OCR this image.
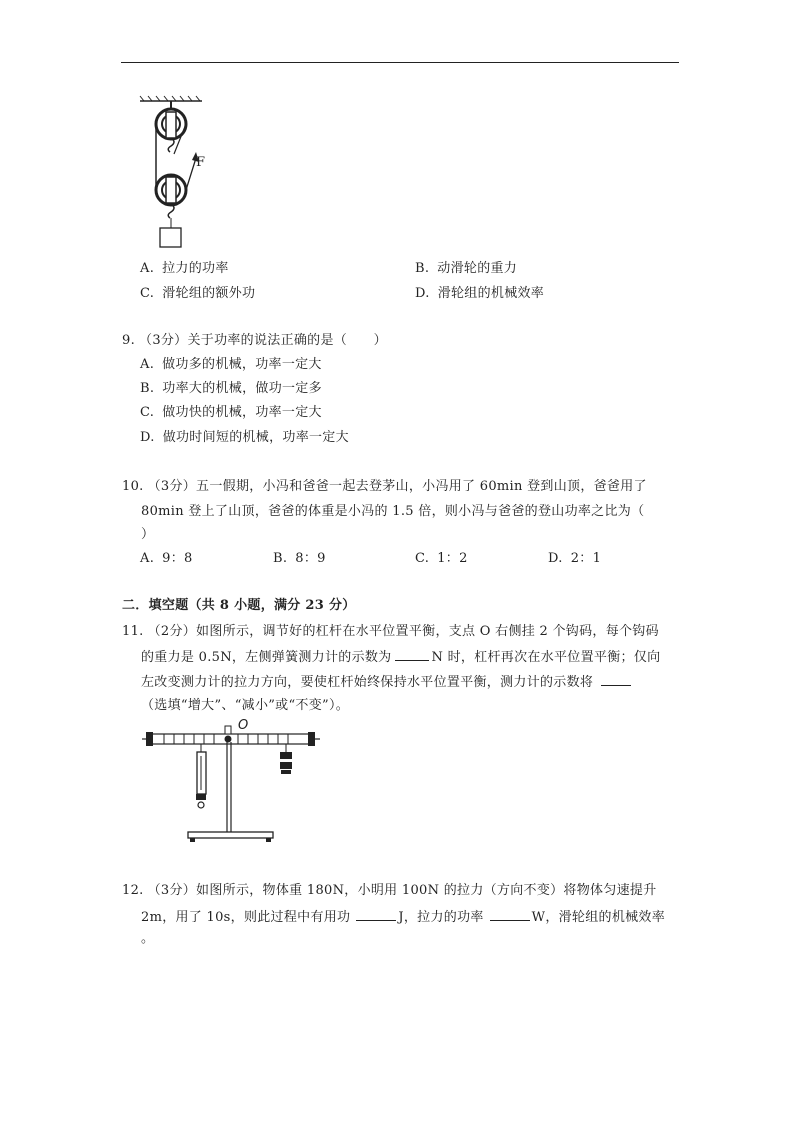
F
A. 拉力的功率	B. 动滑轮的重力
C. 滑轮组的额外功	D. 滑轮组的机械效率
9. （3分）关于功率的说法正确的是（　　）
A. 做功多的机械，功率一定大
B. 功率大的机械，做功一定多
C. 做功快的机械，功率一定大
D. 做功时间短的机械，功率一定大
10. （3分）五一假期，小冯和爸爸一起去登茅山，小冯用了 60min 登到山顶，爸爸用了
80min 登上了山顶，爸爸的体重是小冯的 1.5 倍，则小冯与爸爸的登山功率之比为（
）
A. 9：8	B. 8：9	C. 1：2	D. 2：1
二．填空题（共 8 小题，满分 23 分）
11. （2分）如图所示，调节好的杠杆在水平位置平衡，支点 O 右侧挂 2 个钩码，每个钩码
的重力是 0.5N，左侧弹簧测力计的示数为	N 时，杠杆再次在水平位置平衡；仅向
左改变测力计的拉力方向，要使杠杆始终保持水平位置平衡，测力计的示数将
（选填“增大”、“减小”或“不变”）。
O
12. （3分）如图所示，物体重 180N，小明用 100N 的拉力（方向不变）将物体匀速提升
2m，用了 10s，则此过程中有用功	J，拉力的功率	W，滑轮组的机械效率
。
